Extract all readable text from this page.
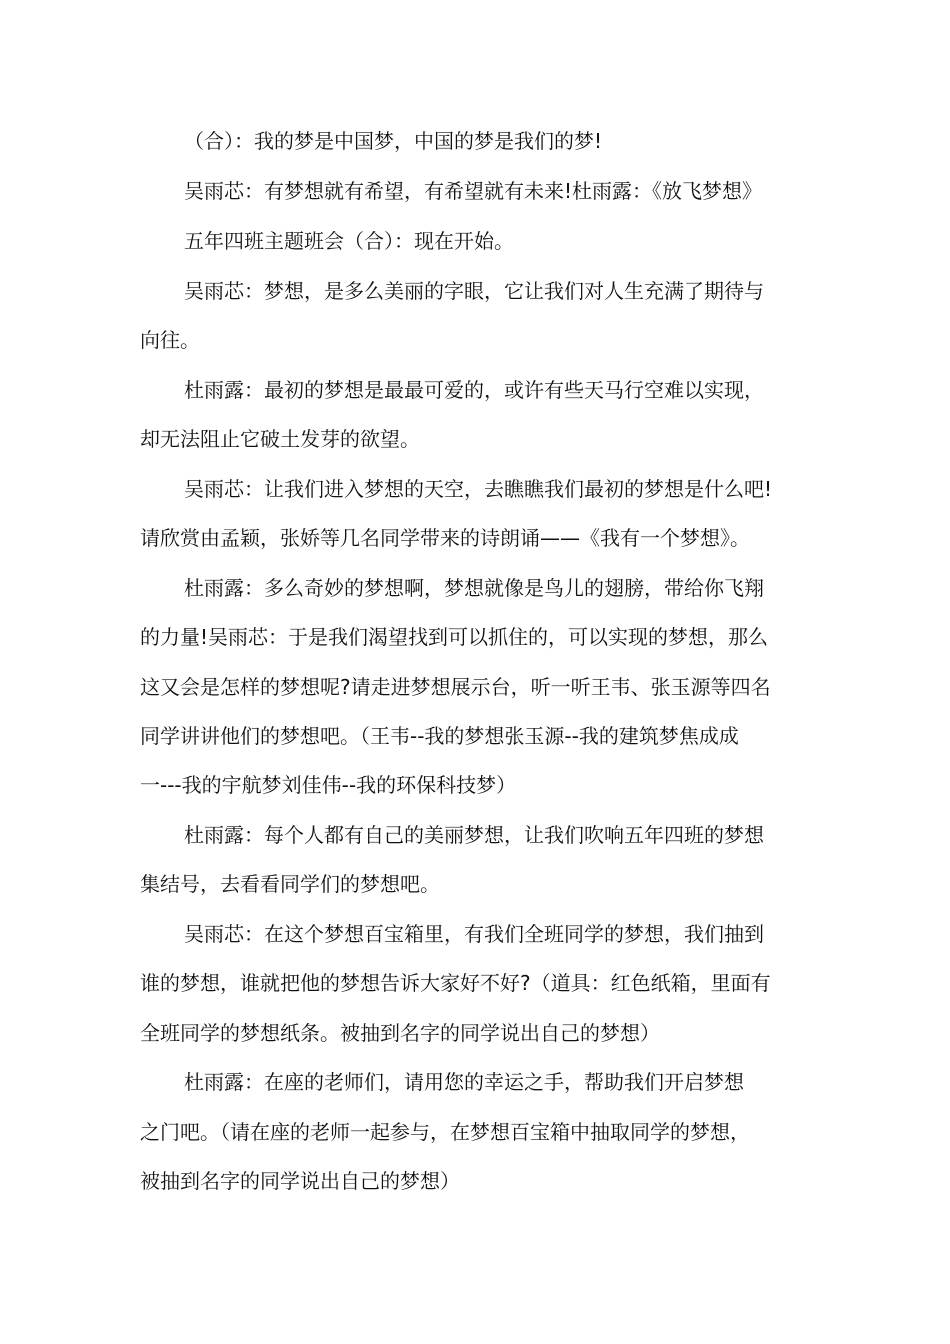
（合）：我的梦是中国梦，中国的梦是我们的梦!
吴雨芯：有梦想就有希望，有希望就有未来!杜雨露：《放飞梦想》
五年四班主题班会（合）：现在开始。
吴雨芯：梦想，是多么美丽的字眼，它让我们对人生充满了期待与
向往。
杜雨露：最初的梦想是最最可爱的，或许有些天马行空难以实现，
却无法阻止它破土发芽的欲望。
吴雨芯：让我们进入梦想的天空，去瞧瞧我们最初的梦想是什么吧!
请欣赏由孟颖，张娇等几名同学带来的诗朗诵——《我有一个梦想》。
杜雨露：多么奇妙的梦想啊，梦想就像是鸟儿的翅膀，带给你飞翔
的力量!吴雨芯：于是我们渴望找到可以抓住的，可以实现的梦想，那么
这又会是怎样的梦想呢?请走进梦想展示台，听一听王韦、张玉源等四名
同学讲讲他们的梦想吧。（王韦--我的梦想张玉源--我的建筑梦焦成成
一---我的宇航梦刘佳伟--我的环保科技梦）
杜雨露：每个人都有自己的美丽梦想，让我们吹响五年四班的梦想
集结号，去看看同学们的梦想吧。
吴雨芯：在这个梦想百宝箱里，有我们全班同学的梦想，我们抽到
谁的梦想，谁就把他的梦想告诉大家好不好?（道具：红色纸箱，里面有
全班同学的梦想纸条。被抽到名字的同学说出自己的梦想）
杜雨露：在座的老师们，请用您的幸运之手，帮助我们开启梦想
之门吧。（请在座的老师一起参与，在梦想百宝箱中抽取同学的梦想，
被抽到名字的同学说出自己的梦想）
